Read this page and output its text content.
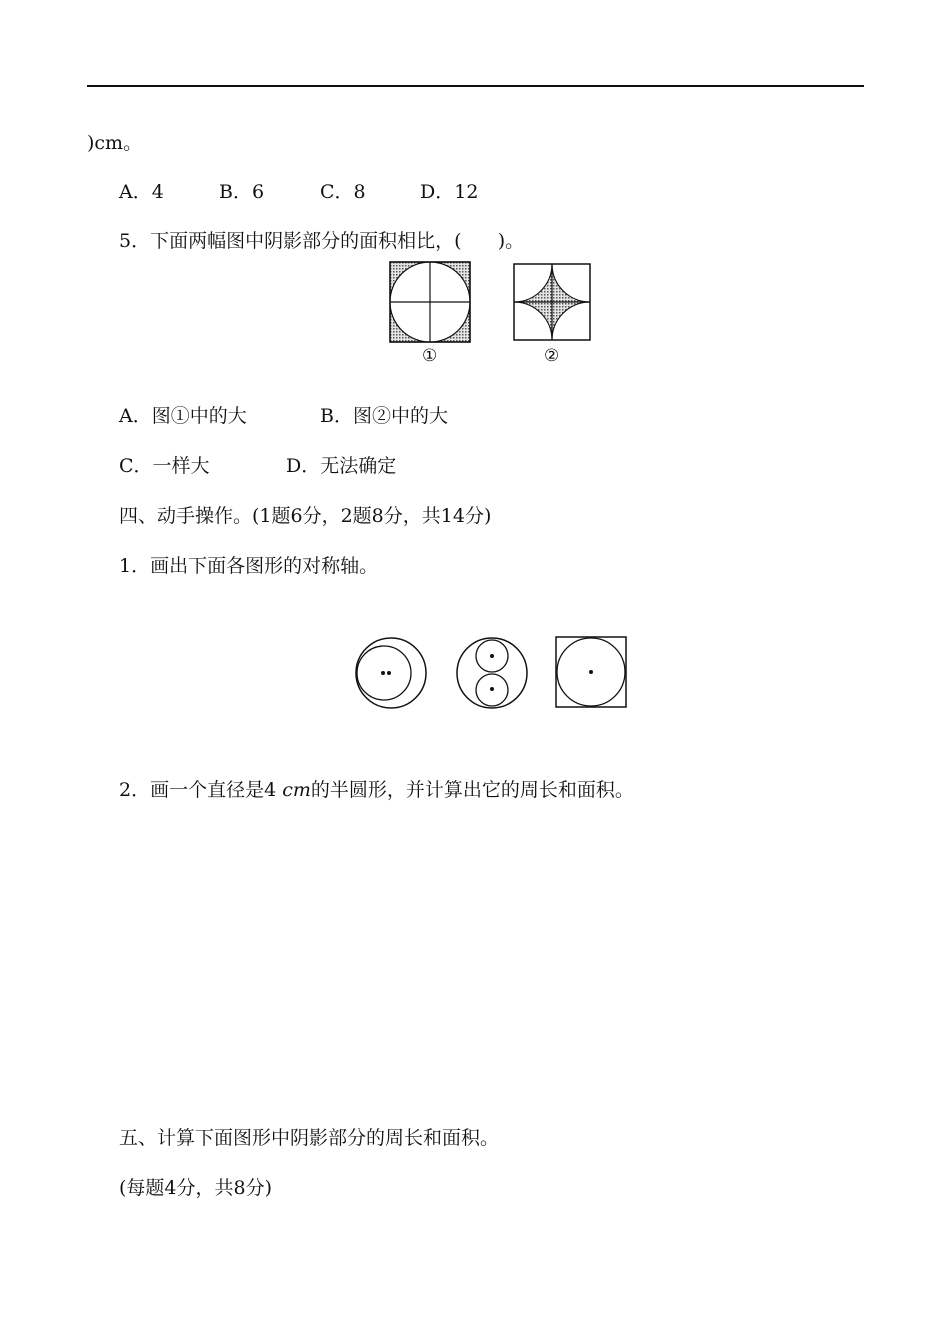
)cm。
A．4	B．6	C．8	D．12
5．下面两幅图中阴影部分的面积相比，(      )。
①	②
A．图①中的大	B．图②中的大
C．一样大	D．无法确定
四、动手操作。(1题6分，2题8分，共14分)
1．画出下面各图形的对称轴。
2．画一个直径是4 cm的半圆形，并计算出它的周长和面积。
五、计算下面图形中阴影部分的周长和面积。
(每题4分，共8分)
